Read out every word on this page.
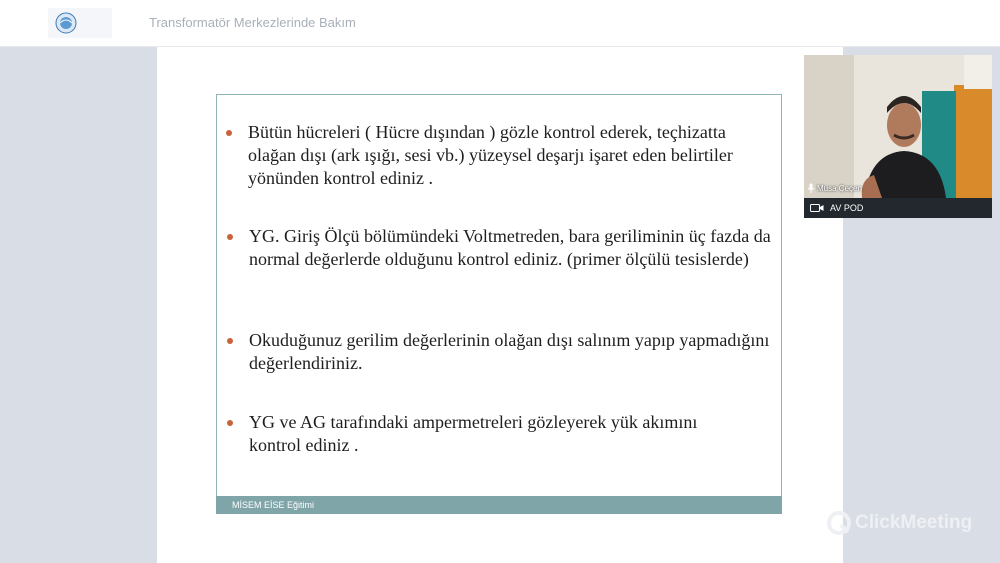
Transformatör Merkezlerinde Bakım

Bütün hücreleri ( Hücre dışından ) gözle kontrol ederek, teçhizatta olağan dışı (ark ışığı, sesi vb.) yüzeysel deşarjı işaret eden belirtiler yönünden kontrol ediniz .

YG. Giriş Ölçü bölümündeki Voltmetreden, bara geriliminin üç fazda da normal değerlerde olduğunu kontrol ediniz. (primer ölçülü tesislerde)

Okuduğunuz gerilim değerlerinin olağan dışı salınım yapıp yapmadığını değerlendiriniz.

YG ve AG tarafındaki ampermetreleri gözleyerek yük akımını kontrol ediniz .

MİSEM EİSE Eğitimi
Musa Çeçen
AV POD
ClickMeeting
